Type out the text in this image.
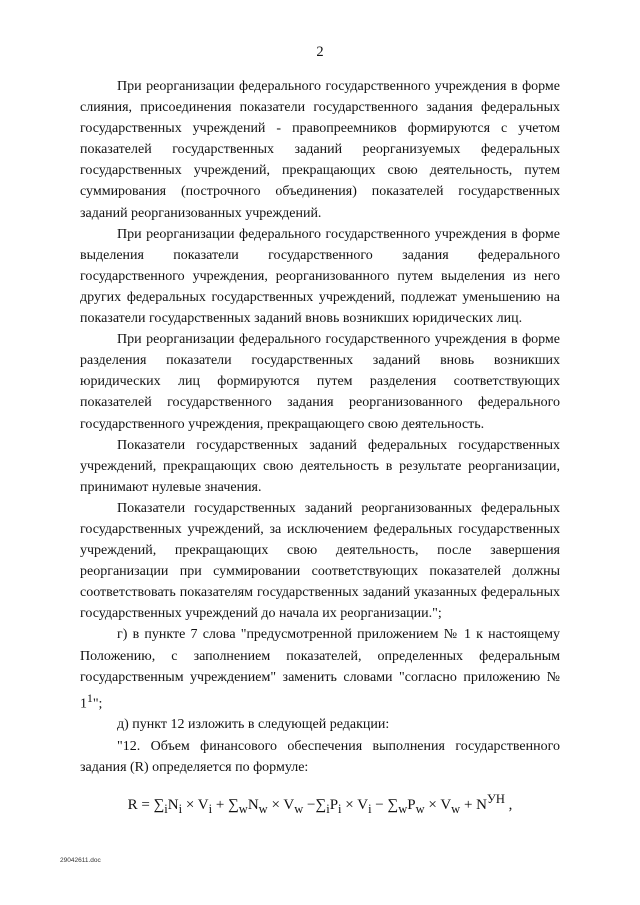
2

При реорганизации федерального государственного учреждения в форме слияния, присоединения показатели государственного задания федеральных государственных учреждений - правопреемников формируются с учетом показателей государственных заданий реорганизуемых федеральных государственных учреждений, прекращающих свою деятельность, путем суммирования (построчного объединения) показателей государственных заданий реорганизованных учреждений.

При реорганизации федерального государственного учреждения в форме выделения показатели государственного задания федерального государственного учреждения, реорганизованного путем выделения из него других федеральных государственных учреждений, подлежат уменьшению на показатели государственных заданий вновь возникших юридических лиц.

При реорганизации федерального государственного учреждения в форме разделения показатели государственных заданий вновь возникших юридических лиц формируются путем разделения соответствующих показателей государственного задания реорганизованного федерального государственного учреждения, прекращающего свою деятельность.

Показатели государственных заданий федеральных государственных учреждений, прекращающих свою деятельность в результате реорганизации, принимают нулевые значения.

Показатели государственных заданий реорганизованных федеральных государственных учреждений, за исключением федеральных государственных учреждений, прекращающих свою деятельность, после завершения реорганизации при суммировании соответствующих показателей должны соответствовать показателям государственных заданий указанных федеральных государственных учреждений до начала их реорганизации.";

г) в пункте 7 слова "предусмотренной приложением № 1 к настоящему Положению, с заполнением показателей, определенных федеральным государственным учреждением" заменить словами "согласно приложению № $1^1$";

д) пункт 12 изложить в следующей редакции:

"12. Объем финансового обеспечения выполнения государственного задания (R) определяется по формуле:

$R = \sum_iN_i \times V_i + \sum_wN_w \times V_w -\sum_iP_i \times V_i - \sum_wP_w \times V_w + N^{УН}$ ,
29042611.doc
